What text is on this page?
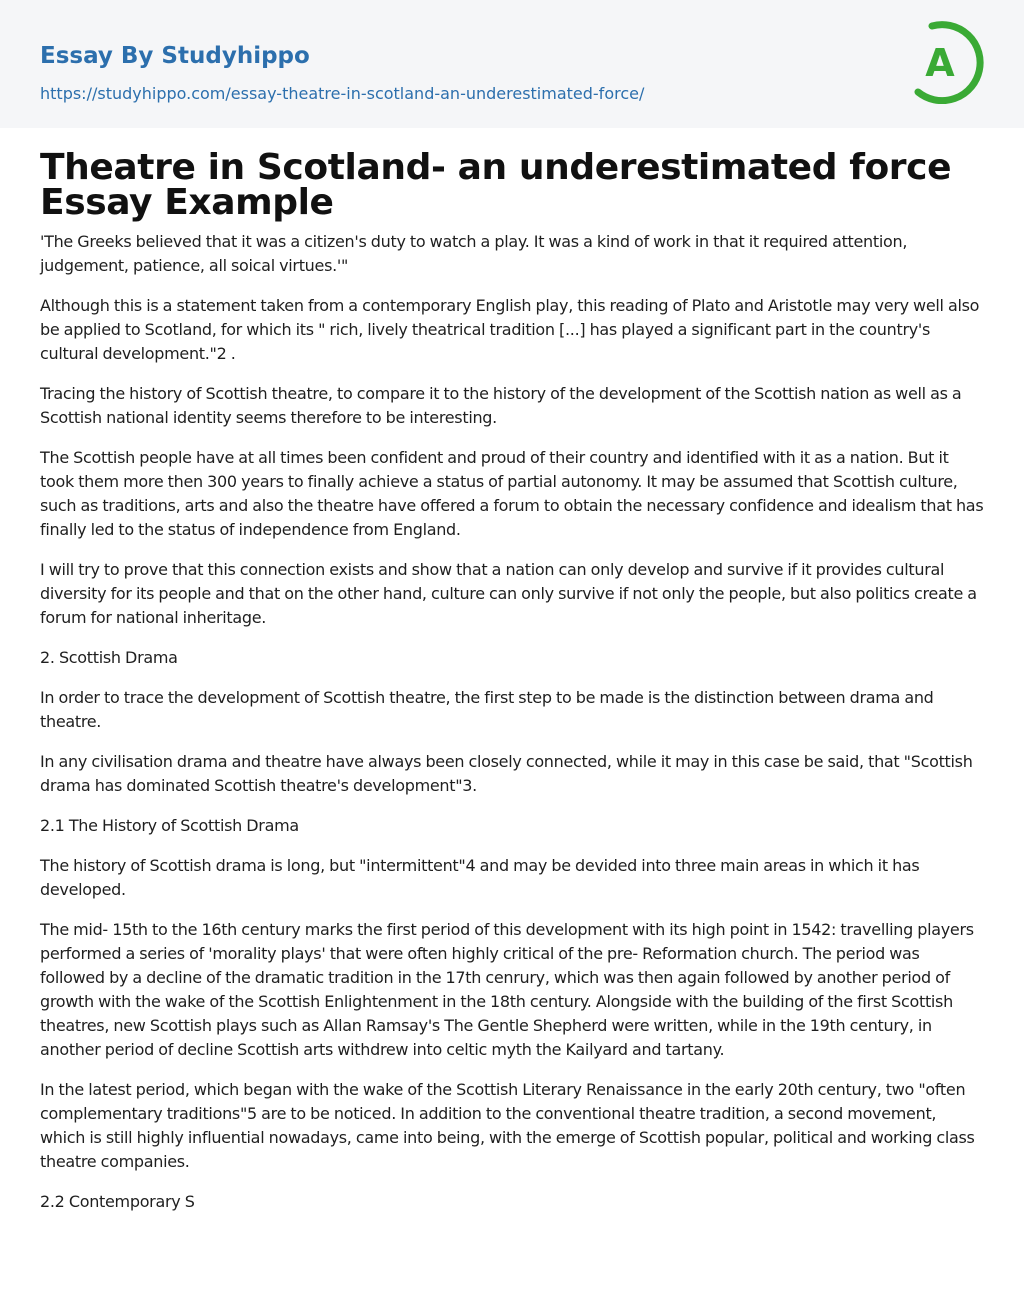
Essay By Studyhippo
https://studyhippo.com/essay-theatre-in-scotland-an-underestimated-force/
A
Theatre in Scotland- an underestimated force Essay Example

'The Greeks believed that it was a citizen's duty to watch a play. It was a kind of work in that it required attention, judgement, patience, all soical virtues.'"

Although this is a statement taken from a contemporary English play, this reading of Plato and Aristotle may very well also be applied to Scotland, for which its " rich, lively theatrical tradition [...] has played a significant part in the country's cultural development."2 .

Tracing the history of Scottish theatre, to compare it to the history of the development of the Scottish nation as well as a Scottish national identity seems therefore to be interesting.

The Scottish people have at all times been confident and proud of their country and identified with it as a nation. But it took them more then 300 years to finally achieve a status of partial autonomy. It may be assumed that Scottish culture, such as traditions, arts and also the theatre have offered a forum to obtain the necessary confidence and idealism that has finally led to the status of independence from England.

I will try to prove that this connection exists and show that a nation can only develop and survive if it provides cultural diversity for its people and that on the other hand, culture can only survive if not only the people, but also politics create a forum for national inheritage.

2. Scottish Drama

In order to trace the development of Scottish theatre, the first step to be made is the distinction between drama and theatre.

In any civilisation drama and theatre have always been closely connected, while it may in this case be said, that "Scottish drama has dominated Scottish theatre's development"3.

2.1 The History of Scottish Drama

The history of Scottish drama is long, but "intermittent"4 and may be devided into three main areas in which it has developed.

The mid- 15th to the 16th century marks the first period of this development with its high point in 1542: travelling players performed a series of 'morality plays' that were often highly critical of the pre- Reformation church. The period was followed by a decline of the dramatic tradition in the 17th cenrury, which was then again followed by another period of growth with the wake of the Scottish Enlightenment in the 18th century. Alongside with the building of the first Scottish theatres, new Scottish plays such as Allan Ramsay's The Gentle Shepherd were written, while in the 19th century, in another period of decline Scottish arts withdrew into celtic myth the Kailyard and tartany.

In the latest period, which began with the wake of the Scottish Literary Renaissance in the early 20th century, two "often complementary traditions"5 are to be noticed. In addition to the conventional theatre tradition, a second movement, which is still highly influential nowadays, came into being, with the emerge of Scottish popular, political and working class theatre companies.

2.2 Contemporary S
